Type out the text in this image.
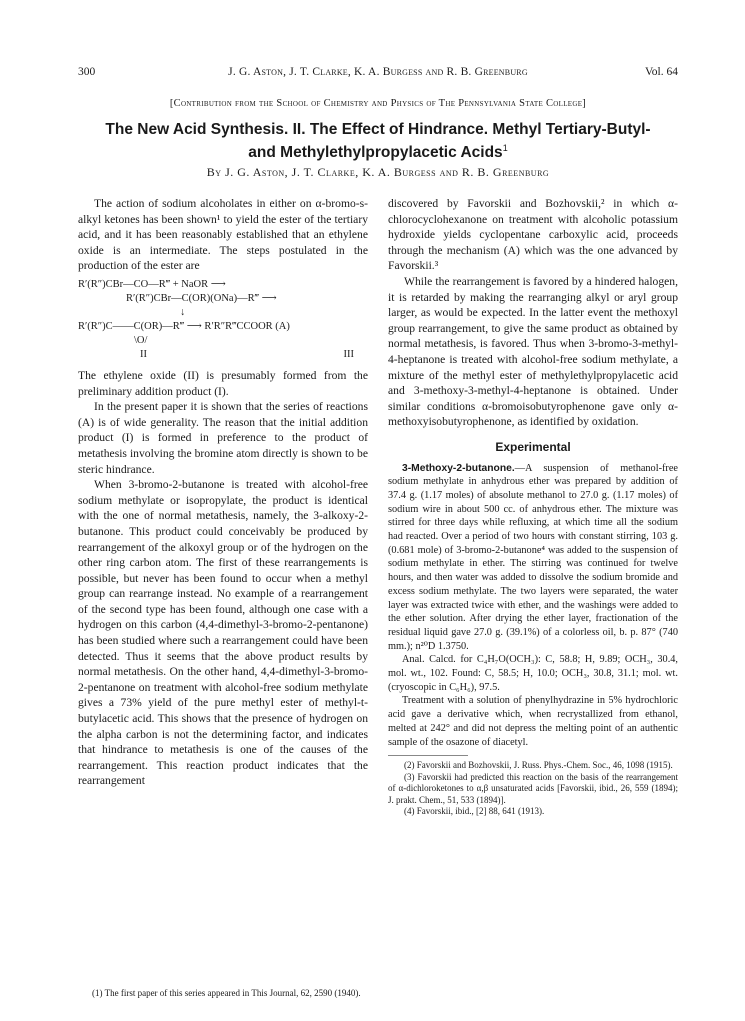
300	J. G. Aston, J. T. Clarke, K. A. Burgess and R. B. Greenburg	Vol. 64
[Contribution from the School of Chemistry and Physics of The Pennsylvania State College]
The New Acid Synthesis. II. The Effect of Hindrance. Methyl Tertiary-Butyl-
and Methylethylpropylacetic Acids$^1$
By J. G. Aston, J. T. Clarke, K. A. Burgess and R. B. Greenburg

The action of sodium alcoholates in either on α-bromo-s-alkyl ketones has been shown¹ to yield the ester of the tertiary acid, and it has been reasonably established that an ethylene oxide is an intermediate. The steps postulated in the production of the ester are

R′(R″)CBr—CO—R‴ + NaOR ⟶
R′(R″)CBr—C(OR)(ONa)—R‴ ⟶
↓
R′(R″)C——C(OR)—R‴ ⟶ R′R″R‴CCOOR (A)
\O/
II	III

The ethylene oxide (II) is presumably formed from the preliminary addition product (I).

In the present paper it is shown that the series of reactions (A) is of wide generality. The reason that the initial addition product (I) is formed in preference to the product of metathesis involving the bromine atom directly is shown to be steric hindrance.

When 3-bromo-2-butanone is treated with alcohol-free sodium methylate or isopropylate, the product is identical with the one of normal metathesis, namely, the 3-alkoxy-2-butanone. This product could conceivably be produced by rearrangement of the alkoxyl group or of the hydrogen on the other ring carbon atom. The first of these rearrangements is possible, but never has been found to occur when a methyl group can rearrange instead. No example of a rearrangement of the second type has been found, although one case with a hydrogen on this carbon (4,4-dimethyl-3-bromo-2-pentanone) has been studied where such a rearrangement could have been detected. Thus it seems that the above product results by normal metathesis. On the other hand, 4,4-dimethyl-3-bromo-2-pentanone on treatment with alcohol-free sodium methylate gives a 73% yield of the pure methyl ester of methyl-t-butylacetic acid. This shows that the presence of hydrogen on the alpha carbon is not the determining factor, and indicates that hindrance to metathesis is one of the causes of the rearrangement. This reaction product indicates that the rearrangement

(1) The first paper of this series appeared in This Journal, 62, 2590 (1940).

discovered by Favorskii and Bozhovskii,² in which α-chlorocyclohexanone on treatment with alcoholic potassium hydroxide yields cyclopentane carboxylic acid, proceeds through the mechanism (A) which was the one advanced by Favorskii.³

While the rearrangement is favored by a hindered halogen, it is retarded by making the rearranging alkyl or aryl group larger, as would be expected. In the latter event the methoxyl group rearrangement, to give the same product as obtained by normal metathesis, is favored. Thus when 3-bromo-3-methyl-4-heptanone is treated with alcohol-free sodium methylate, a mixture of the methyl ester of methylethylpropylacetic acid and 3-methoxy-3-methyl-4-heptanone is obtained. Under similar conditions α-bromoisobutyrophenone gave only α-methoxyisobutyrophenone, as identified by oxidation.

Experimental

3-Methoxy-2-butanone.—A suspension of methanol-free sodium methylate in anhydrous ether was prepared by addition of 37.4 g. (1.17 moles) of absolute methanol to 27.0 g. (1.17 moles) of sodium wire in about 500 cc. of anhydrous ether. The mixture was stirred for three days while refluxing, at which time all the sodium had reacted. Over a period of two hours with constant stirring, 103 g. (0.681 mole) of 3-bromo-2-butanone⁴ was added to the suspension of sodium methylate in ether. The stirring was continued for twelve hours, and then water was added to dissolve the sodium bromide and excess sodium methylate. The two layers were separated, the water layer was extracted twice with ether, and the washings were added to the ether solution. After drying the ether layer, fractionation of the residual liquid gave 27.0 g. (39.1%) of a colorless oil, b. p. 87° (740 mm.); n²⁰D 1.3750.

Anal. Calcd. for C₄H₇O(OCH₃): C, 58.8; H, 9.89; OCH₃, 30.4, mol. wt., 102. Found: C, 58.5; H, 10.0; OCH₃, 30.8, 31.1; mol. wt. (cryoscopic in C₆H₆), 97.5.

Treatment with a solution of phenylhydrazine in 5% hydrochloric acid gave a derivative which, when recrystallized from ethanol, melted at 242° and did not depress the melting point of an authentic sample of the osazone of diacetyl.

(2) Favorskii and Bozhovskii, J. Russ. Phys.-Chem. Soc., 46, 1098 (1915).

(3) Favorskii had predicted this reaction on the basis of the rearrangement of α-dichloroketones to α,β unsaturated acids [Favorskii, ibid., 26, 559 (1894); J. prakt. Chem., 51, 533 (1894)].

(4) Favorskii, ibid., [2] 88, 641 (1913).
